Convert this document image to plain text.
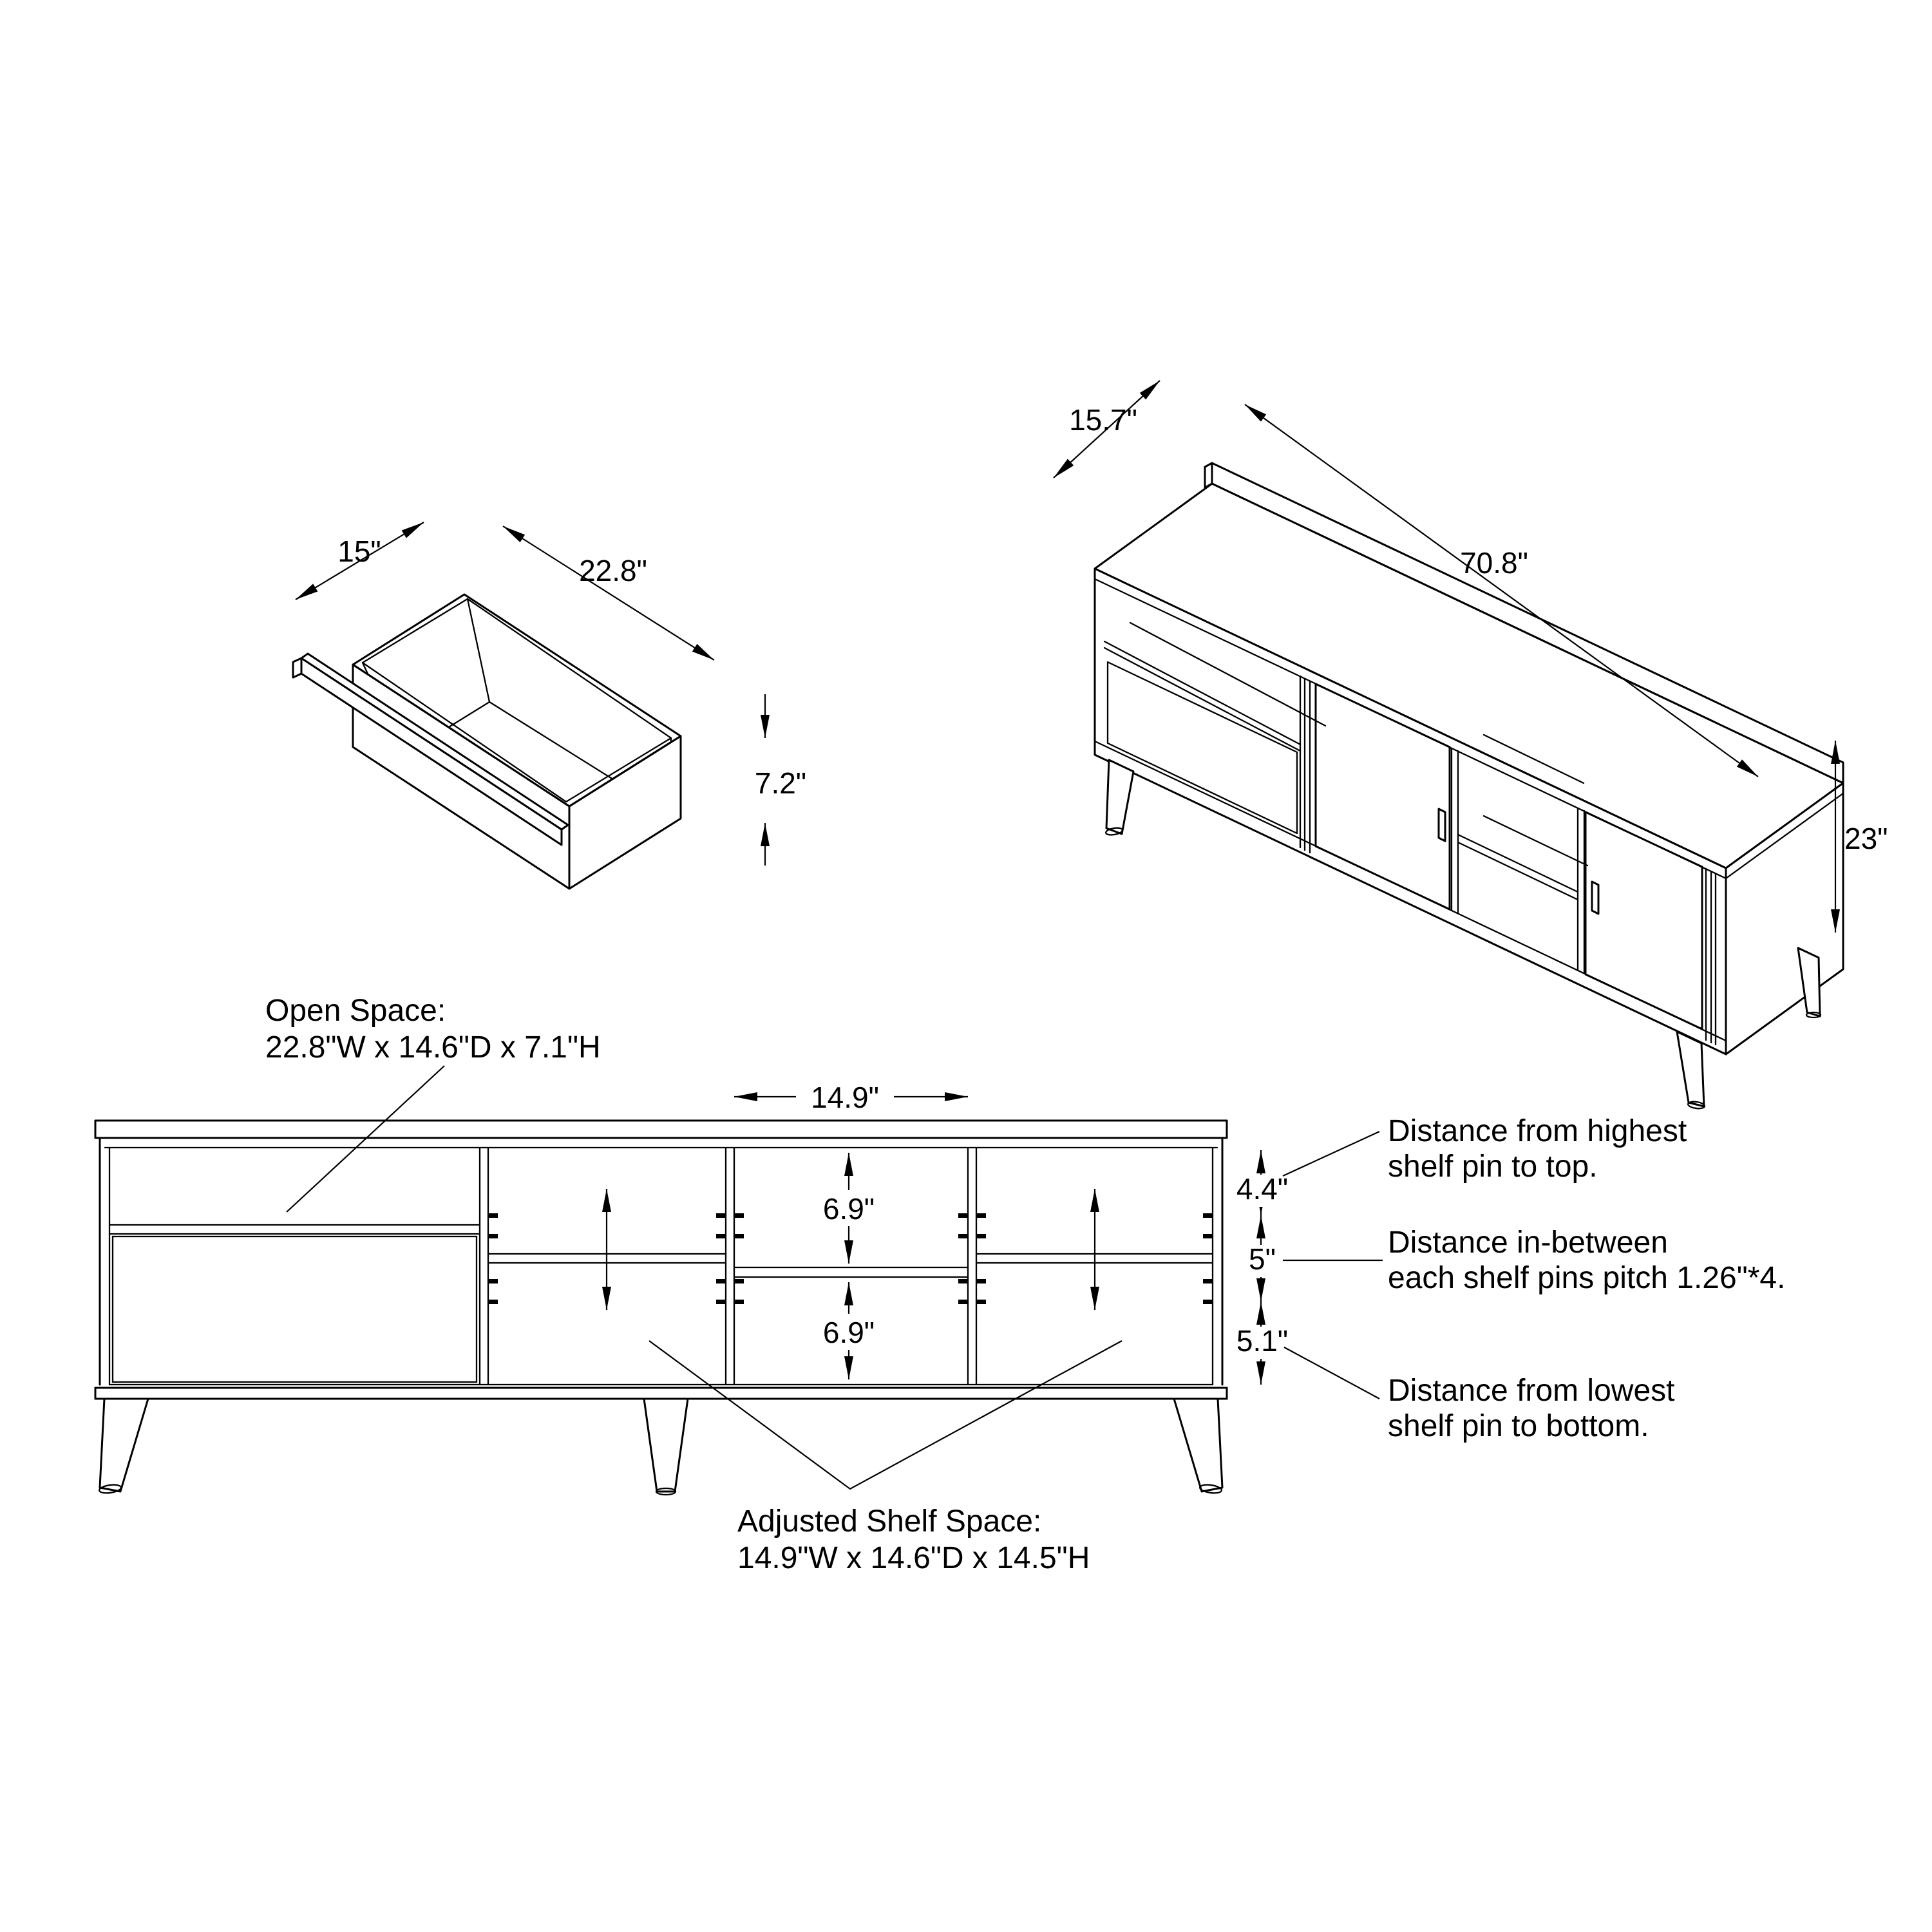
15"
22.8"
7.2"
15.7"
70.8"
23"
14.9"
6.9"
6.9"
4.4"
5"
5.1"
Open Space:
22.8"W x 14.6"D x 7.1"H
Adjusted Shelf Space:
14.9"W x 14.6"D x 14.5"H
Distance from highest
shelf pin to top.
Distance in-between
each shelf pins pitch 1.26"*4.
Distance from lowest
shelf pin to bottom.
